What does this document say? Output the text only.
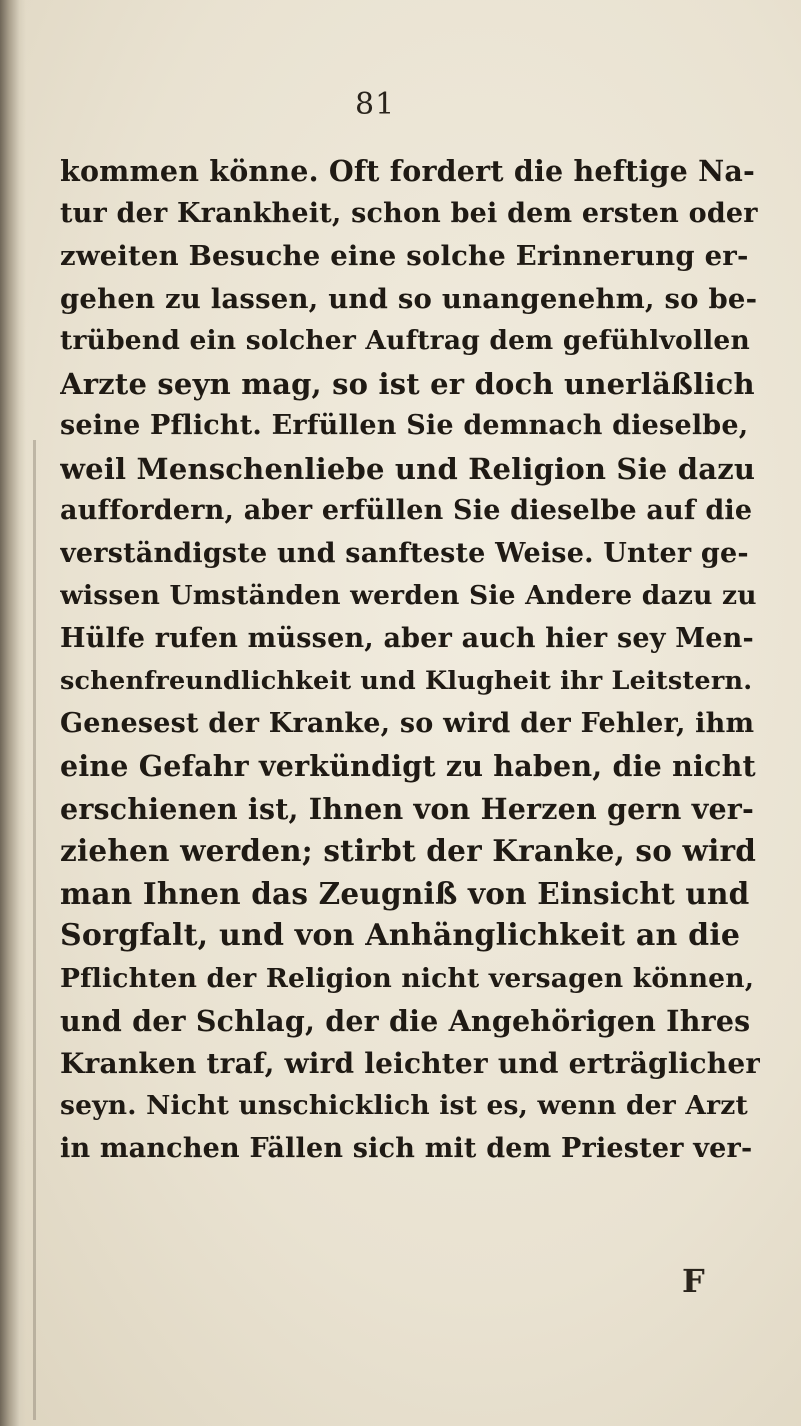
81
kommen könne. Oft fordert die heftige Na-
tur der Krankheit, schon bei dem ersten oder
zweiten Besuche eine solche Erinnerung er-
gehen zu lassen, und so unangenehm, so be-
trübend ein solcher Auftrag dem gefühlvollen
Arzte seyn mag, so ist er doch unerläßlich
seine Pflicht. Erfüllen Sie demnach dieselbe,
weil Menschenliebe und Religion Sie dazu
auffordern, aber erfüllen Sie dieselbe auf die
verständigste und sanfteste Weise. Unter ge-
wissen Umständen werden Sie Andere dazu zu
Hülfe rufen müssen, aber auch hier sey Men-
schenfreundlichkeit und Klugheit ihr Leitstern.
Genesest der Kranke, so wird der Fehler, ihm
eine Gefahr verkündigt zu haben, die nicht
erschienen ist, Ihnen von Herzen gern ver-
ziehen werden; stirbt der Kranke, so wird
man Ihnen das Zeugniß von Einsicht und
Sorgfalt, und von Anhänglichkeit an die
Pflichten der Religion nicht versagen können,
und der Schlag, der die Angehörigen Ihres
Kranken traf, wird leichter und erträglicher
seyn. Nicht unschicklich ist es, wenn der Arzt
in manchen Fällen sich mit dem Priester ver-
F
